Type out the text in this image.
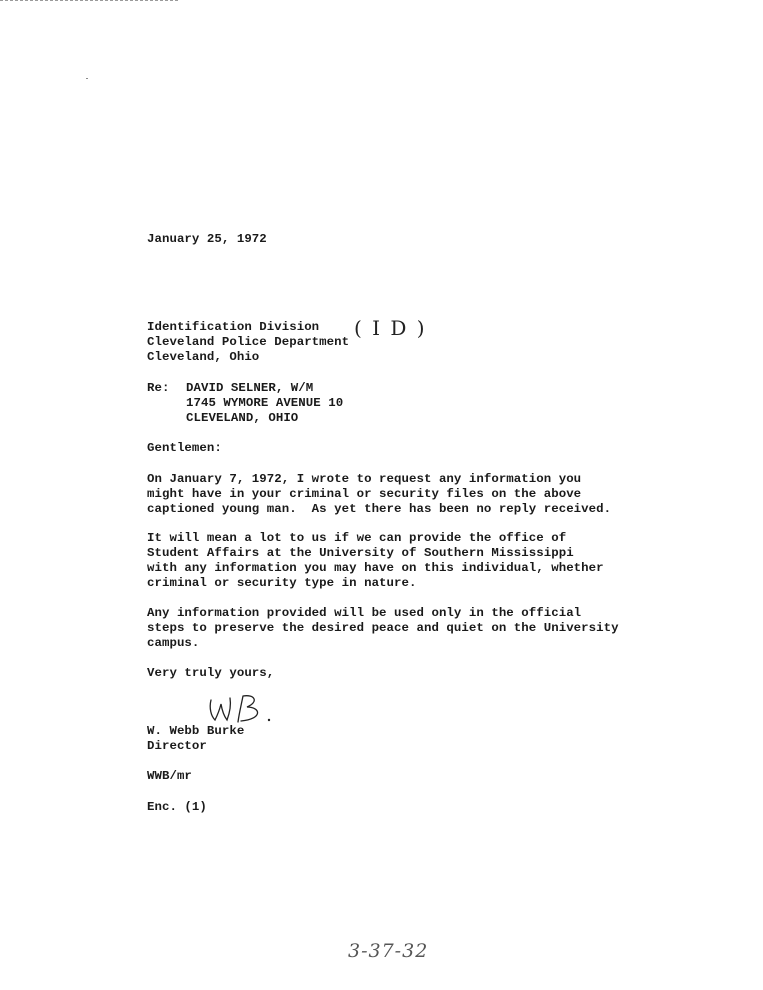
January 25, 1972
Identification Division ( I D )
Cleveland Police Department
Cleveland, Ohio
Re: DAVID SELNER, W/M
1745 WYMORE AVENUE 10
CLEVELAND, OHIO
Gentlemen:
On January 7, 1972, I wrote to request any information you
might have in your criminal or security files on the above
captioned young man.  As yet there has been no reply received.
It will mean a lot to us if we can provide the office of
Student Affairs at the University of Southern Mississippi
with any information you may have on this individual, whether
criminal or security type in nature.
Any information provided will be used only in the official
steps to preserve the desired peace and quiet on the University
campus.
Very truly yours,
W. Webb Burke
Director
WWB/mr
Enc. (1)
3-37-32
